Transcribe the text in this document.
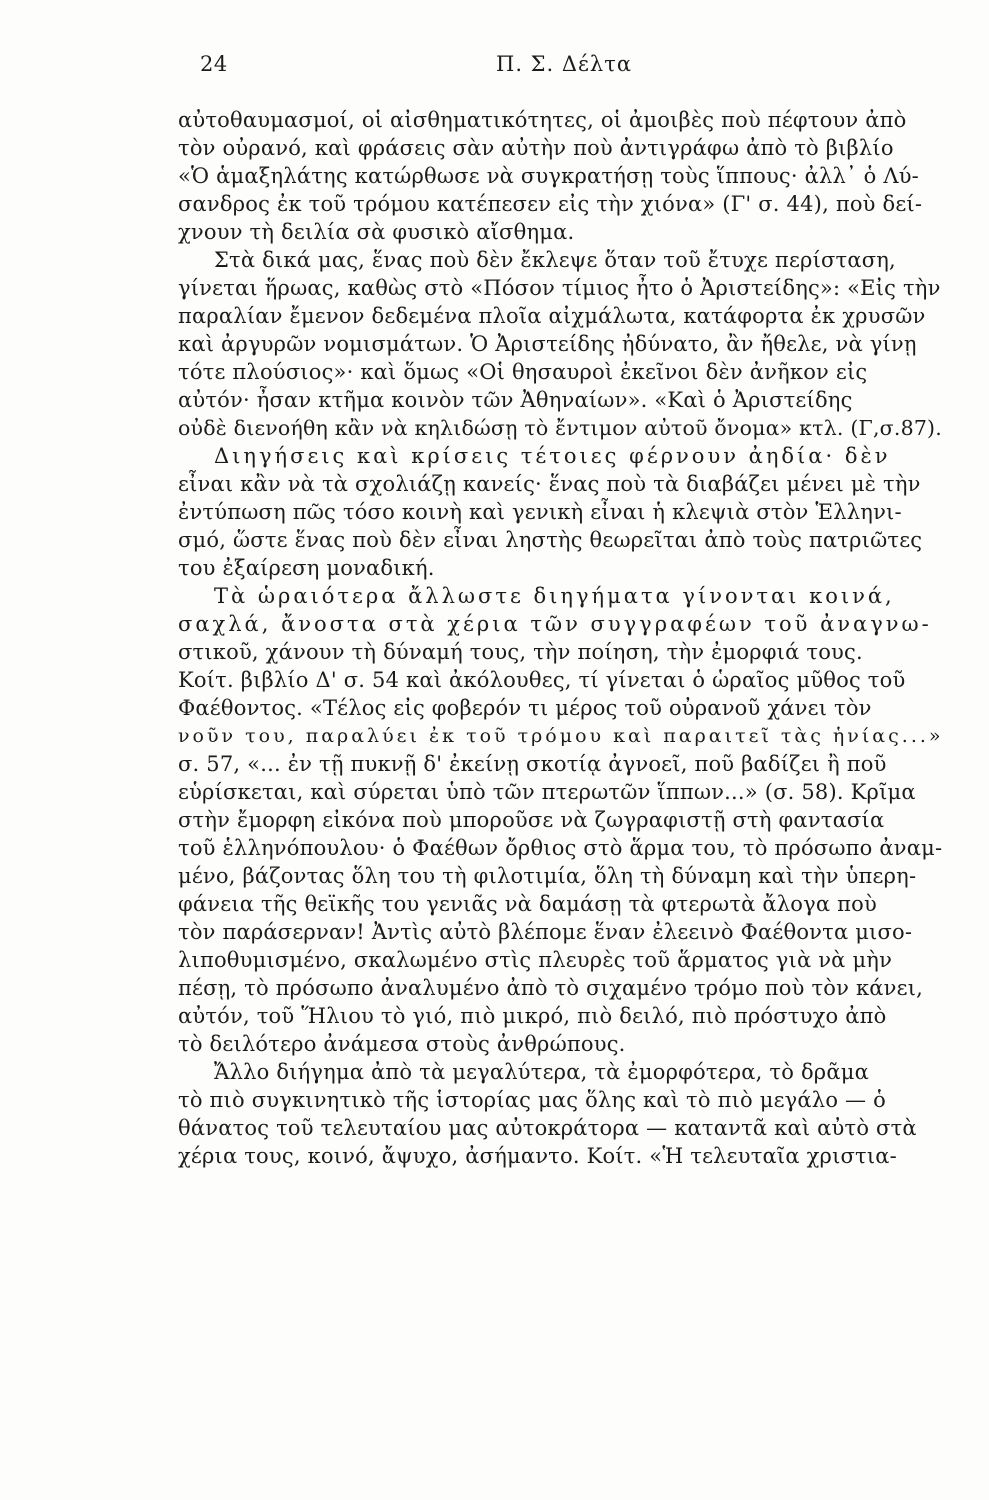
24	Π. Σ. Δέλτα
αὐτοθαυμασμοί, οἱ αἰσθηματικότητες, οἱ ἀμοιβὲς ποὺ πέφτουν ἀπὸ
τὸν οὐρανό, καὶ φράσεις σὰν αὐτὴν ποὺ ἀντιγράφω ἀπὸ τὸ βιβλίο
«Ὁ ἁμαξηλάτης κατώρθωσε νὰ συγκρατήσῃ τοὺς ἵππους· ἀλλ᾽ ὁ Λύ-
σανδρος ἐκ τοῦ τρόμου κατέπεσεν εἰς τὴν χιόνα» (Γ' σ. 44), ποὺ δεί-
χνουν τὴ δειλία σὰ φυσικὸ αἴσθημα.
Στὰ δικά μας, ἕνας ποὺ δὲν ἔκλεψε ὅταν τοῦ ἔτυχε περίσταση,
γίνεται ἥρωας, καθὼς στὸ «Πόσον τίμιος ἦτο ὁ Ἀριστείδης»: «Εἰς τὴν
παραλίαν ἔμενον δεδεμένα πλοῖα αἰχμάλωτα, κατάφορτα ἐκ χρυσῶν
καὶ ἀργυρῶν νομισμάτων. Ὁ Ἀριστείδης ἠδύνατο, ἂν ἤθελε, νὰ γίνῃ
τότε πλούσιος»· καὶ ὅμως «Οἱ θησαυροὶ ἐκεῖνοι δὲν ἀνῆκον εἰς
αὐτόν· ἦσαν κτῆμα κοινὸν τῶν Ἀθηναίων». «Καὶ ὁ Ἀριστείδης
οὐδὲ διενοήθη κἂν νὰ κηλιδώσῃ τὸ ἔντιμον αὐτοῦ ὄνομα» κτλ. (Γ,σ.87).
Διηγήσεις καὶ κρίσεις τέτοιες φέρνουν ἀηδία· δὲν
εἶναι κἂν νὰ τὰ σχολιάζῃ κανείς· ἕνας ποὺ τὰ διαβάζει μένει μὲ τὴν
ἐντύπωση πῶς τόσο κοινὴ καὶ γενικὴ εἶναι ἡ κλεψιὰ στὸν Ἑλληνι-
σμό, ὥστε ἕνας ποὺ δὲν εἶναι ληστὴς θεωρεῖται ἀπὸ τοὺς πατριῶτες
του ἐξαίρεση μοναδική.
Τὰ ὡραιότερα ἄλλωστε διηγήματα γίνονται κοινά,
σαχλά, ἄνοστα στὰ χέρια τῶν συγγραφέων τοῦ ἀναγνω-
στικοῦ, χάνουν τὴ δύναμή τους, τὴν ποίηση, τὴν ἐμορφιά τους.
Κοίτ. βιβλίο Δ' σ. 54 καὶ ἀκόλουθες, τί γίνεται ὁ ὡραῖος μῦθος τοῦ
Φαέθοντος. «Τέλος εἰς φοβερόν τι μέρος τοῦ οὐρανοῦ χάνει τὸν
νοῦν του, παραλύει ἐκ τοῦ τρόμου καὶ παραιτεῖ τὰς ἡνίας...»
σ. 57, «... ἐν τῇ πυκνῇ δ' ἐκείνῃ σκοτίᾳ ἀγνοεῖ, ποῦ βαδίζει ἢ ποῦ
εὑρίσκεται, καὶ σύρεται ὑπὸ τῶν πτερωτῶν ἵππων...» (σ. 58). Κρῖμα
στὴν ἔμορφη εἰκόνα ποὺ μποροῦσε νὰ ζωγραφιστῇ στὴ φαντασία
τοῦ ἑλληνόπουλου· ὁ Φαέθων ὄρθιος στὸ ἅρμα του, τὸ πρόσωπο ἀναμ-
μένο, βάζοντας ὅλη του τὴ φιλοτιμία, ὅλη τὴ δύναμη καὶ τὴν ὑπερη-
φάνεια τῆς θεϊκῆς του γενιᾶς νὰ δαμάσῃ τὰ φτερωτὰ ἄλογα ποὺ
τὸν παράσερναν! Ἀντὶς αὐτὸ βλέπομε ἕναν ἐλεεινὸ Φαέθοντα μισο-
λιποθυμισμένο, σκαλωμένο στὶς πλευρὲς τοῦ ἅρματος γιὰ νὰ μὴν
πέσῃ, τὸ πρόσωπο ἀναλυμένο ἀπὸ τὸ σιχαμένο τρόμο ποὺ τὸν κάνει,
αὐτόν, τοῦ Ἥλιου τὸ γιό, πιὸ μικρό, πιὸ δειλό, πιὸ πρόστυχο ἀπὸ
τὸ δειλότερο ἀνάμεσα στοὺς ἀνθρώπους.
Ἄλλο διήγημα ἀπὸ τὰ μεγαλύτερα, τὰ ἐμορφότερα, τὸ δρᾶμα
τὸ πιὸ συγκινητικὸ τῆς ἱστορίας μας ὅλης καὶ τὸ πιὸ μεγάλο — ὁ
θάνατος τοῦ τελευταίου μας αὐτοκράτορα — καταντᾶ καὶ αὐτὸ στὰ
χέρια τους, κοινό, ἄψυχο, ἀσήμαντο. Κοίτ. «Ἡ τελευταῖα χριστια-
